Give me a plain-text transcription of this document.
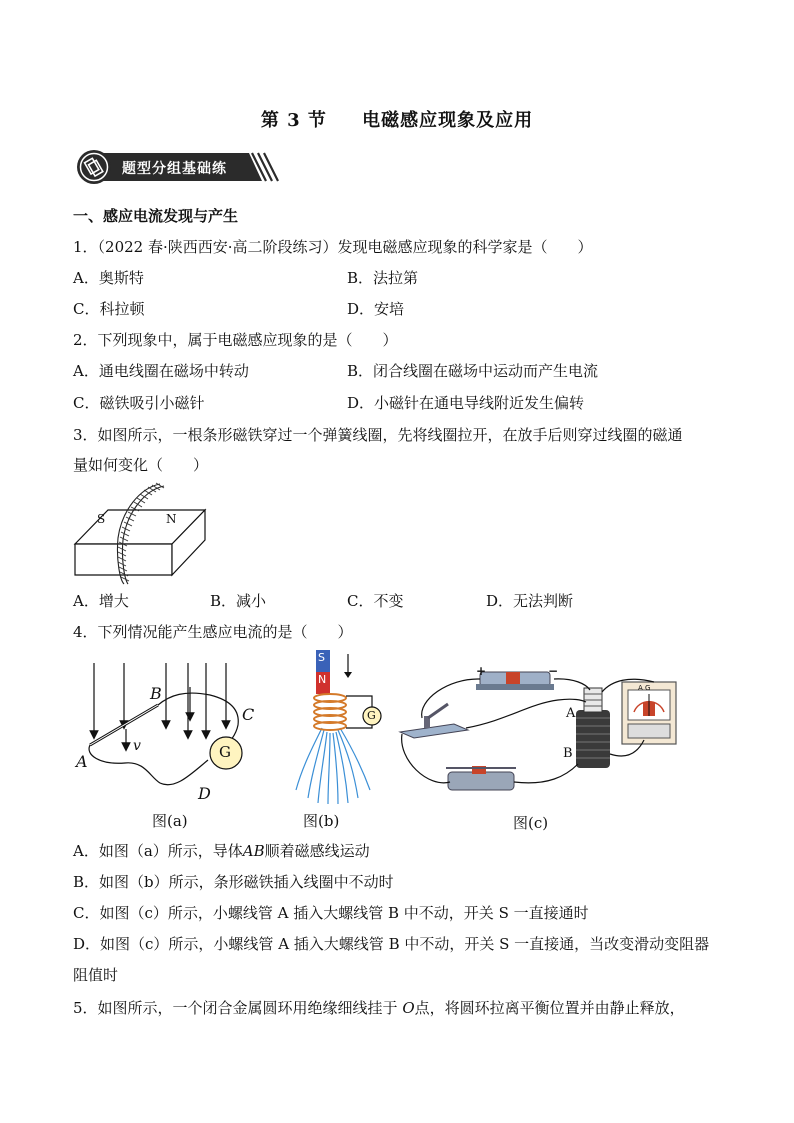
第 3 节 电磁感应现象及应用
题型分组基础练
一、感应电流发现与产生
1．（2022 春·陕西西安·高二阶段练习）发现电磁感应现象的科学家是（　　）
A．奥斯特	B．法拉第
C．科拉顿	D．安培
2．下列现象中，属于电磁感应现象的是（　　）
A．通电线圈在磁场中转动	B．闭合线圈在磁场中运动而产生电流
C．磁铁吸引小磁针	D．小磁针在通电导线附近发生偏转
3．如图所示，一根条形磁铁穿过一个弹簧线圈，先将线圈拉开，在放手后则穿过线圈的磁通
量如何变化（　　）
S	N
A．增大	B．减小	C．不变	D．无法判断
4．下列情况能产生感应电流的是（　　）
A
B
C
D
v	G
图(a)
S
N
G
图(b)
+	−
A
B
A G
图(c)
A．如图（a）所示，导体AB顺着磁感线运动
B．如图（b）所示，条形磁铁插入线圈中不动时
C．如图（c）所示，小螺线管 A 插入大螺线管 B 中不动，开关 S 一直接通时
D．如图（c）所示，小螺线管 A 插入大螺线管 B 中不动，开关 S 一直接通，当改变滑动变阻器
阻值时
5．如图所示，一个闭合金属圆环用绝缘细线挂于 O点，将圆环拉离平衡位置并由静止释放，
